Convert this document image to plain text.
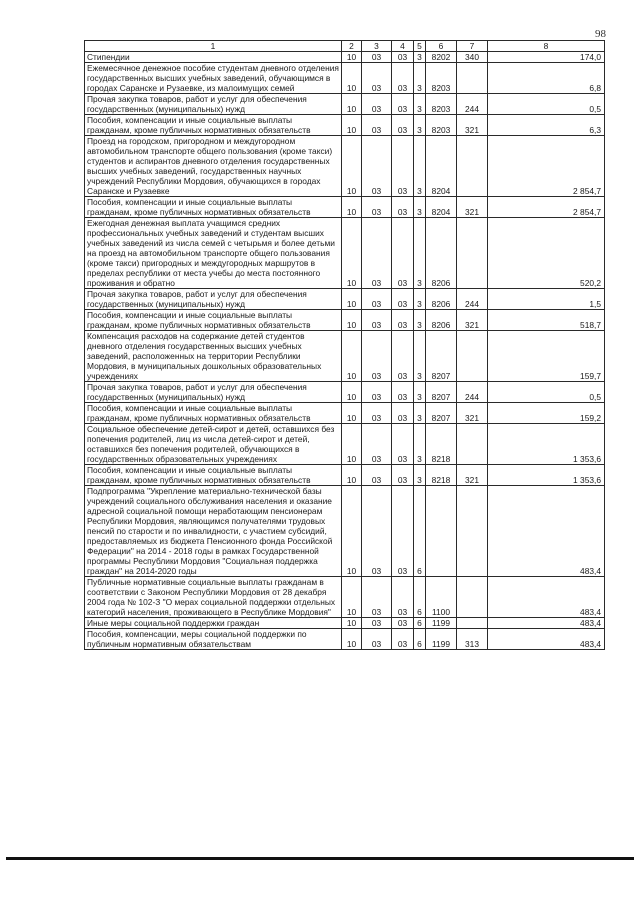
98
1	2	3	4	5	6	7	8
Стипендии	10	03	03	3	8202	340	174,0
Ежемесячное денежное пособие студентам дневного отделения государственных высших учебных заведений, обучающимся в городах Саранске и Рузаевке, из малоимущих семей	10	03	03	3	8203		6,8
Прочая закупка товаров, работ и услуг для обеспечения государственных (муниципальных) нужд	10	03	03	3	8203	244	0,5
Пособия, компенсации и иные социальные выплаты гражданам, кроме публичных нормативных обязательств	10	03	03	3	8203	321	6,3
Проезд на городском, пригородном и междугородном автомобильном транспорте общего пользования (кроме такси) студентов и аспирантов дневного отделения государственных высших учебных заведений, государственных научных учреждений Республики Мордовия, обучающихся в городах Саранске и Рузаевке	10	03	03	3	8204		2 854,7
Пособия, компенсации и иные социальные выплаты гражданам, кроме публичных нормативных обязательств	10	03	03	3	8204	321	2 854,7
Ежегодная денежная выплата учащимся средних профессиональных учебных заведений и студентам высших учебных заведений из числа семей с четырьмя и более детьми на проезд на автомобильном транспорте общего пользования (кроме такси) пригородных и междугородных маршрутов в пределах республики от места учебы до места постоянного проживания и обратно	10	03	03	3	8206		520,2
Прочая закупка товаров, работ и услуг для обеспечения государственных (муниципальных) нужд	10	03	03	3	8206	244	1,5
Пособия, компенсации и иные социальные выплаты гражданам, кроме публичных нормативных обязательств	10	03	03	3	8206	321	518,7
Компенсация расходов на содержание детей студентов дневного отделения государственных высших учебных заведений, расположенных на территории Республики Мордовия, в муниципальных дошкольных образовательных учреждениях	10	03	03	3	8207		159,7
Прочая закупка товаров, работ и услуг для обеспечения государственных (муниципальных) нужд	10	03	03	3	8207	244	0,5
Пособия, компенсации и иные социальные выплаты гражданам, кроме публичных нормативных обязательств	10	03	03	3	8207	321	159,2
Социальное обеспечение детей-сирот и детей, оставшихся без попечения родителей, лиц из числа детей-сирот и детей, оставшихся без попечения родителей, обучающихся в государственных образовательных учреждениях	10	03	03	3	8218		1 353,6
Пособия, компенсации и иные социальные выплаты гражданам, кроме публичных нормативных обязательств	10	03	03	3	8218	321	1 353,6
Подпрограмма "Укрепление материально-технической базы учреждений социального обслуживания населения и оказание адресной социальной помощи неработающим пенсионерам Республики Мордовия, являющимся получателями трудовых пенсий по старости и по инвалидности, с участием субсидий, предоставляемых из бюджета Пенсионного фонда Российской Федерации" на 2014 - 2018 годы в рамках Государственной программы Республики Мордовия "Социальная поддержка граждан" на 2014-2020 годы	10	03	03	6			483,4
Публичные нормативные социальные выплаты гражданам в соответствии с Законом Республики Мордовия от 28 декабря 2004 года № 102-З "О мерах социальной поддержки отдельных категорий населения, проживающего в Республике Мордовия"	10	03	03	6	1100		483,4
Иные меры социальной поддержки граждан	10	03	03	6	1199		483,4
Пособия, компенсации, меры социальной поддержки по публичным нормативным обязательствам	10	03	03	6	1199	313	483,4
